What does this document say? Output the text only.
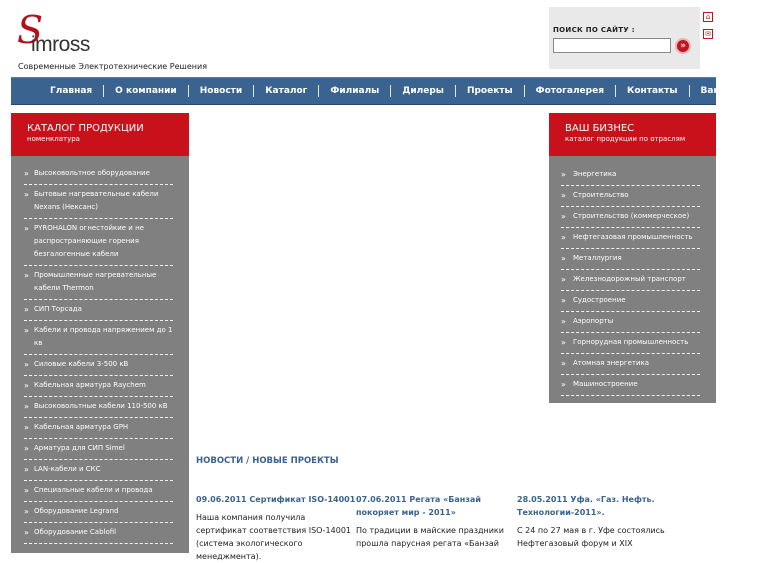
S
imross
Современные Электротехнические Решения
ПОИСК ПО САЙТУ :
»
⌂
✉
Главная	О компании	Новости	Каталог	Филиалы	Дилеры	Проекты	Фотогалерея	Контакты	Вакансии
КАТАЛОГ ПРОДУКЦИИ
номенклатура
» Высоковольтное оборудование
» Бытовые нагревательные кабели Nexans (Нексанс)
» PYROHALON огнестойкие и не распространяющие горения безгалогенные кабели
» Промышленные нагревательные кабели Thermon
» СИП Торсада
» Кабели и провода напряжением до 1 кв
» Силовые кабели 3-500 кВ
» Кабельная арматура Raychem
» Высоковольтные кабели 110-500 кВ
» Кабельная арматура GPH
» Арматура для СИП Simel
» LAN-кабели и СКС
» Специальные кабели и провода
» Оборудование Legrand
» Оборудование Cablofil
ВАШ БИЗНЕС
каталог продукции по отраслям
» Энергетика
» Строительство
» Строительство (коммерческое)
» Нефтегазовая промышленность
» Металлургия
» Железнодорожный транспорт
» Судостроение
» Аэропорты
» Горнорудная промышленность
» Атомная энергетика
» Машиностроение
НОВОСТИ / НОВЫЕ ПРОЕКТЫ
09.06.2011 Сертификат ISO-14001
Наша компания получила сертификат соответствия ISO-14001 (система экологического менеджмента).
07.06.2011 Регата «Банзай покоряет мир - 2011»
По традиции в майские праздники прошла парусная регата «Банзай
28.05.2011 Уфа. «Газ. Нефть. Технологии-2011».
С 24 по 27 мая в г. Уфе состоялись Нефтегазовый форум и XIX
